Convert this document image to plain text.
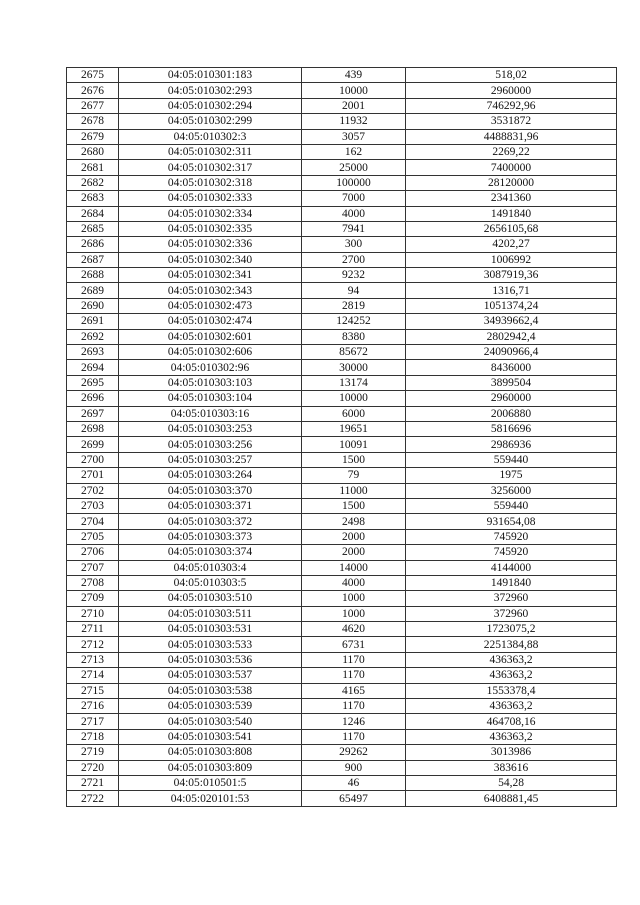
2675	04:05:010301:183	439	518,02
2676	04:05:010302:293	10000	2960000
2677	04:05:010302:294	2001	746292,96
2678	04:05:010302:299	11932	3531872
2679	04:05:010302:3	3057	4488831,96
2680	04:05:010302:311	162	2269,22
2681	04:05:010302:317	25000	7400000
2682	04:05:010302:318	100000	28120000
2683	04:05:010302:333	7000	2341360
2684	04:05:010302:334	4000	1491840
2685	04:05:010302:335	7941	2656105,68
2686	04:05:010302:336	300	4202,27
2687	04:05:010302:340	2700	1006992
2688	04:05:010302:341	9232	3087919,36
2689	04:05:010302:343	94	1316,71
2690	04:05:010302:473	2819	1051374,24
2691	04:05:010302:474	124252	34939662,4
2692	04:05:010302:601	8380	2802942,4
2693	04:05:010302:606	85672	24090966,4
2694	04:05:010302:96	30000	8436000
2695	04:05:010303:103	13174	3899504
2696	04:05:010303:104	10000	2960000
2697	04:05:010303:16	6000	2006880
2698	04:05:010303:253	19651	5816696
2699	04:05:010303:256	10091	2986936
2700	04:05:010303:257	1500	559440
2701	04:05:010303:264	79	1975
2702	04:05:010303:370	11000	3256000
2703	04:05:010303:371	1500	559440
2704	04:05:010303:372	2498	931654,08
2705	04:05:010303:373	2000	745920
2706	04:05:010303:374	2000	745920
2707	04:05:010303:4	14000	4144000
2708	04:05:010303:5	4000	1491840
2709	04:05:010303:510	1000	372960
2710	04:05:010303:511	1000	372960
2711	04:05:010303:531	4620	1723075,2
2712	04:05:010303:533	6731	2251384,88
2713	04:05:010303:536	1170	436363,2
2714	04:05:010303:537	1170	436363,2
2715	04:05:010303:538	4165	1553378,4
2716	04:05:010303:539	1170	436363,2
2717	04:05:010303:540	1246	464708,16
2718	04:05:010303:541	1170	436363,2
2719	04:05:010303:808	29262	3013986
2720	04:05:010303:809	900	383616
2721	04:05:010501:5	46	54,28
2722	04:05:020101:53	65497	6408881,45
